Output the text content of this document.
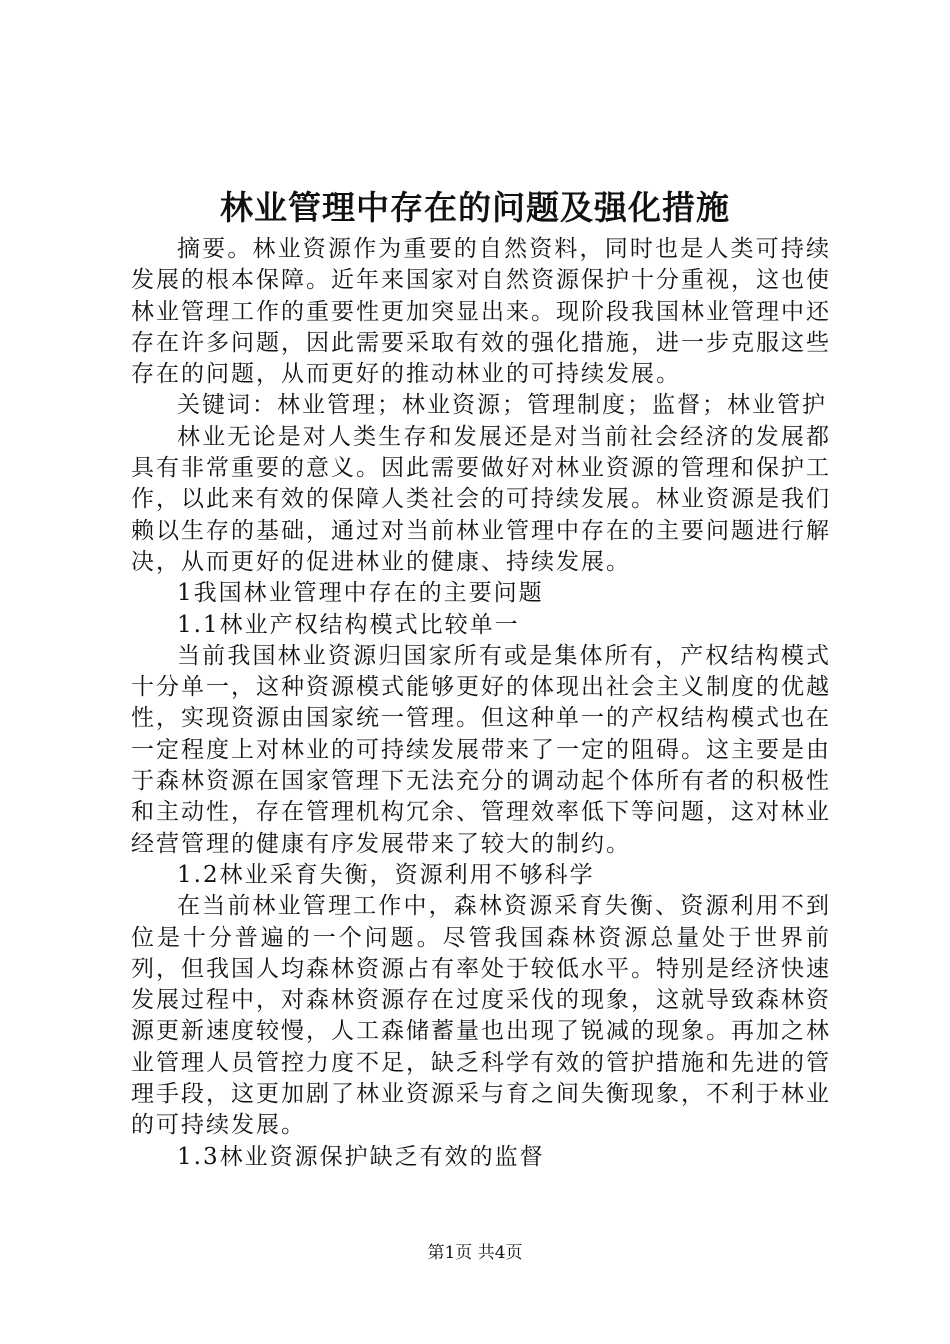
林业管理中存在的问题及强化措施

摘要。林业资源作为重要的自然资料，同时也是人类可持续发展的根本保障。近年来国家对自然资源保护十分重视，这也使林业管理工作的重要性更加突显出来。现阶段我国林业管理中还存在许多问题，因此需要采取有效的强化措施，进一步克服这些存在的问题，从而更好的推动林业的可持续发展。

关键词：林业管理；林业资源；管理制度；监督；林业管护

林业无论是对人类生存和发展还是对当前社会经济的发展都具有非常重要的意义。因此需要做好对林业资源的管理和保护工作，以此来有效的保障人类社会的可持续发展。林业资源是我们赖以生存的基础，通过对当前林业管理中存在的主要问题进行解决，从而更好的促进林业的健康、持续发展。

1我国林业管理中存在的主要问题

1.1林业产权结构模式比较单一

当前我国林业资源归国家所有或是集体所有，产权结构模式十分单一，这种资源模式能够更好的体现出社会主义制度的优越性，实现资源由国家统一管理。但这种单一的产权结构模式也在一定程度上对林业的可持续发展带来了一定的阻碍。这主要是由于森林资源在国家管理下无法充分的调动起个体所有者的积极性和主动性，存在管理机构冗余、管理效率低下等问题，这对林业经营管理的健康有序发展带来了较大的制约。

1.2林业采育失衡，资源利用不够科学

在当前林业管理工作中，森林资源采育失衡、资源利用不到位是十分普遍的一个问题。尽管我国森林资源总量处于世界前列，但我国人均森林资源占有率处于较低水平。特别是经济快速发展过程中，对森林资源存在过度采伐的现象，这就导致森林资源更新速度较慢，人工森储蓄量也出现了锐减的现象。再加之林业管理人员管控力度不足，缺乏科学有效的管护措施和先进的管理手段，这更加剧了林业资源采与育之间失衡现象，不利于林业的可持续发展。

1.3林业资源保护缺乏有效的监督

第1页 共4页
